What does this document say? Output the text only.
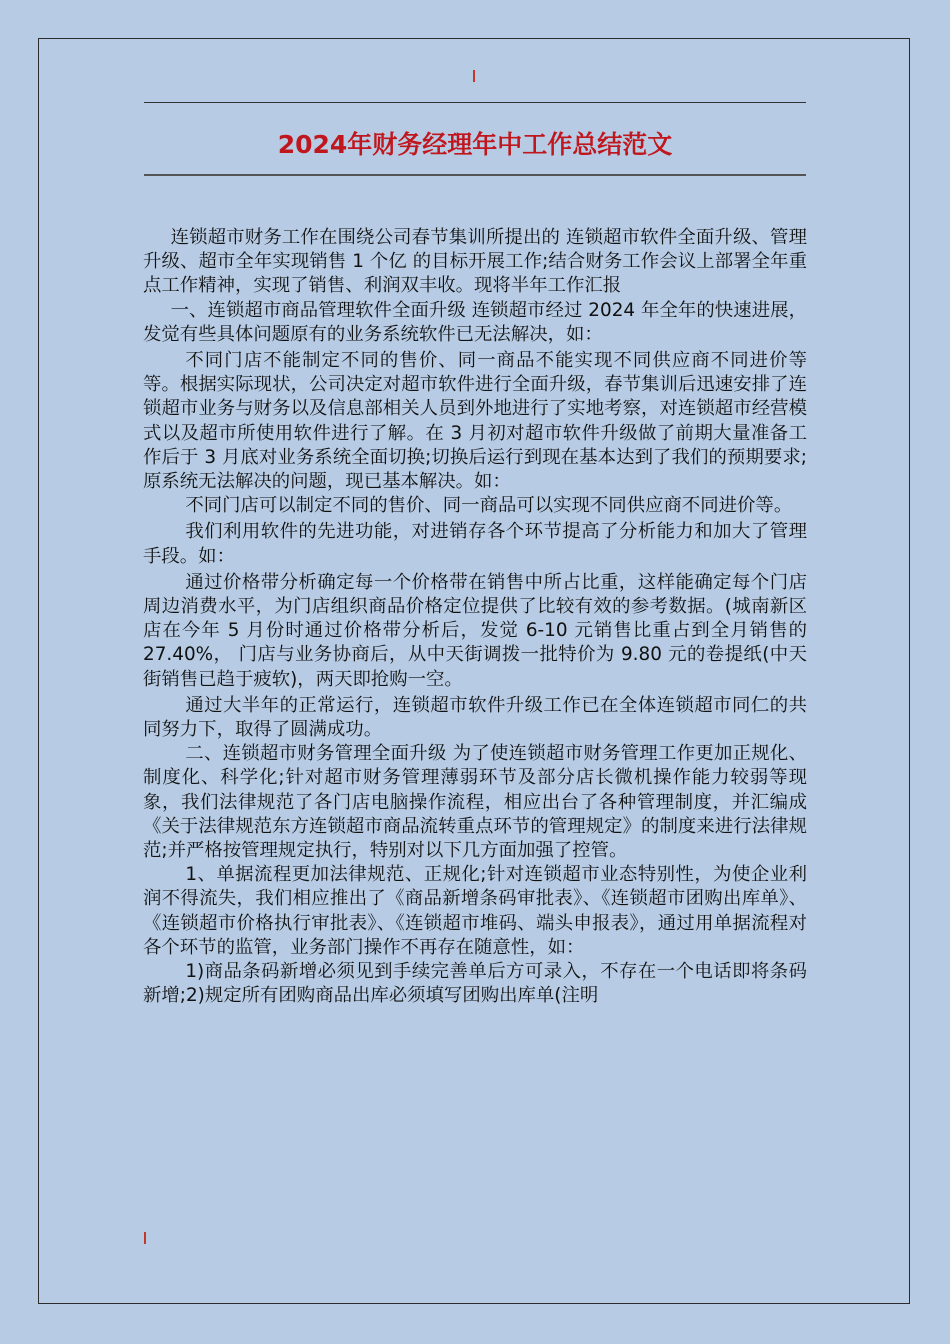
2024年财务经理年中工作总结范文

连锁超市财务工作在围绕公司春节集训所提出的 连锁超市软件全面升级、管理升级、超市全年实现销售 1 个亿 的目标开展工作;结合财务工作会议上部署全年重点工作精神，实现了销售、利润双丰收。现将半年工作汇报

一、连锁超市商品管理软件全面升级 连锁超市经过 2024 年全年的快速进展，发觉有些具体问题原有的业务系统软件已无法解决，如：

不同门店不能制定不同的售价、同一商品不能实现不同供应商不同进价等等。根据实际现状，公司决定对超市软件进行全面升级，春节集训后迅速安排了连锁超市业务与财务以及信息部相关人员到外地进行了实地考察，对连锁超市经营模式以及超市所使用软件进行了解。在 3 月初对超市软件升级做了前期大量准备工作后于 3 月底对业务系统全面切换;切换后运行到现在基本达到了我们的预期要求;原系统无法解决的问题，现已基本解决。如：

不同门店可以制定不同的售价、同一商品可以实现不同供应商不同进价等。

我们利用软件的先进功能，对进销存各个环节提高了分析能力和加大了管理手段。如：

通过价格带分析确定每一个价格带在销售中所占比重，这样能确定每个门店周边消费水平，为门店组织商品价格定位提供了比较有效的参考数据。(城南新区店在今年 5 月份时通过价格带分析后，发觉 6-10 元销售比重占到全月销售的 27.40%， 门店与业务协商后，从中天街调拨一批特价为 9.80 元的卷提纸(中天街销售已趋于疲软)，两天即抢购一空。

通过大半年的正常运行，连锁超市软件升级工作已在全体连锁超市同仁的共同努力下，取得了圆满成功。

二、连锁超市财务管理全面升级 为了使连锁超市财务管理工作更加正规化、制度化、科学化;针对超市财务管理薄弱环节及部分店长微机操作能力较弱等现象，我们法律规范了各门店电脑操作流程，相应出台了各种管理制度，并汇编成《关于法律规范东方连锁超市商品流转重点环节的管理规定》的制度来进行法律规范;并严格按管理规定执行，特别对以下几方面加强了控管。

1、单据流程更加法律规范、正规化;针对连锁超市业态特别性，为使企业利润不得流失，我们相应推出了《商品新增条码审批表》、《连锁超市团购出库单》、《连锁超市价格执行审批表》、《连锁超市堆码、端头申报表》，通过用单据流程对各个环节的监管，业务部门操作不再存在随意性，如：

1)商品条码新增必须见到手续完善单后方可录入，不存在一个电话即将条码新增;2)规定所有团购商品出库必须填写团购出库单(注明
